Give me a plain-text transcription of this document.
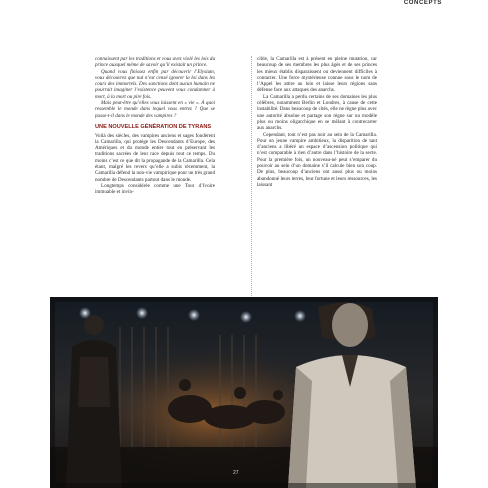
CONCEPTS

connaissent par les traditions et vous avez violé les lois du prince auxquel même de savoir qu’il existait un prince.

Quand vous finissez enfin par découvrir l’Elysium, vous découvrez que nul n’est censé ignorer la loi dans les cours des immortels. Des sanctions dont aucun humain ne pourrait imaginer l’existence peuvent vous condamner à mort, à la mort ou pire fois.

Mais peut-être qu’elles vous laissent en « vie ». À quoi ressemble le monde dans lequel vous entrez ? Que se passe-t-il dans le monde des vampires ?

UNE NOUVELLE GÉNÉRATION DE TYRANS

Voilà des siècles, des vampires anciens et sages fondèrent la Camarilla, qui protège les Descendants d’Europe, des Amériques et du monde entier tout en préservant les traditions sacrées de leur race depuis tout ce temps. Du moins c’est ce que dit la propagande de la Camarilla. Cela étant, malgré les revers qu’elle a subis récemment, la Camarilla défend la non-vie vampirique pour un très grand nombre de Descendants partout dans le monde.

Longtemps considérée comme une Tour d’Ivoire immuable et invin-

cible, la Camarilla est à présent en pleine mutation, car beaucoup de ses membres les plus âgés et de ses princes les mieux établis disparaissent ou deviennent difficiles à contacter. Une force mystérieuse connue sous le nom de l’Appel les attire au loin et laisse leurs régions sans défense face aux attaques des anarchs.

La Camarilla a perdu certains de ses domaines les plus célèbres, notamment Berlin et Londres, à cause de cette instabilité. Dans beaucoup de cités, elle ne règne plus avec une autorité absolue et partage son règne sur un modèle plus ou moins oligarchique en se mêlant à contrecarrer aux anarchs.

Cependant, tout n’est pas noir au sein de la Camarilla. Pour un jeune vampire ambitieux, la disparition de tant d’anciens a libéré un espace d’ascension politique qui n’est comparable à rien d’autre dans l’histoire de la secte. Pour la première fois, un nouveau-né peut s’emparer du pouvoir au sein d’un domaine s’il calcule bien son coup. De plus, beaucoup d’anciens ont aussi plus ou moins abandonné leurs terres, leur fortune et leurs ressources, les laissant

27
